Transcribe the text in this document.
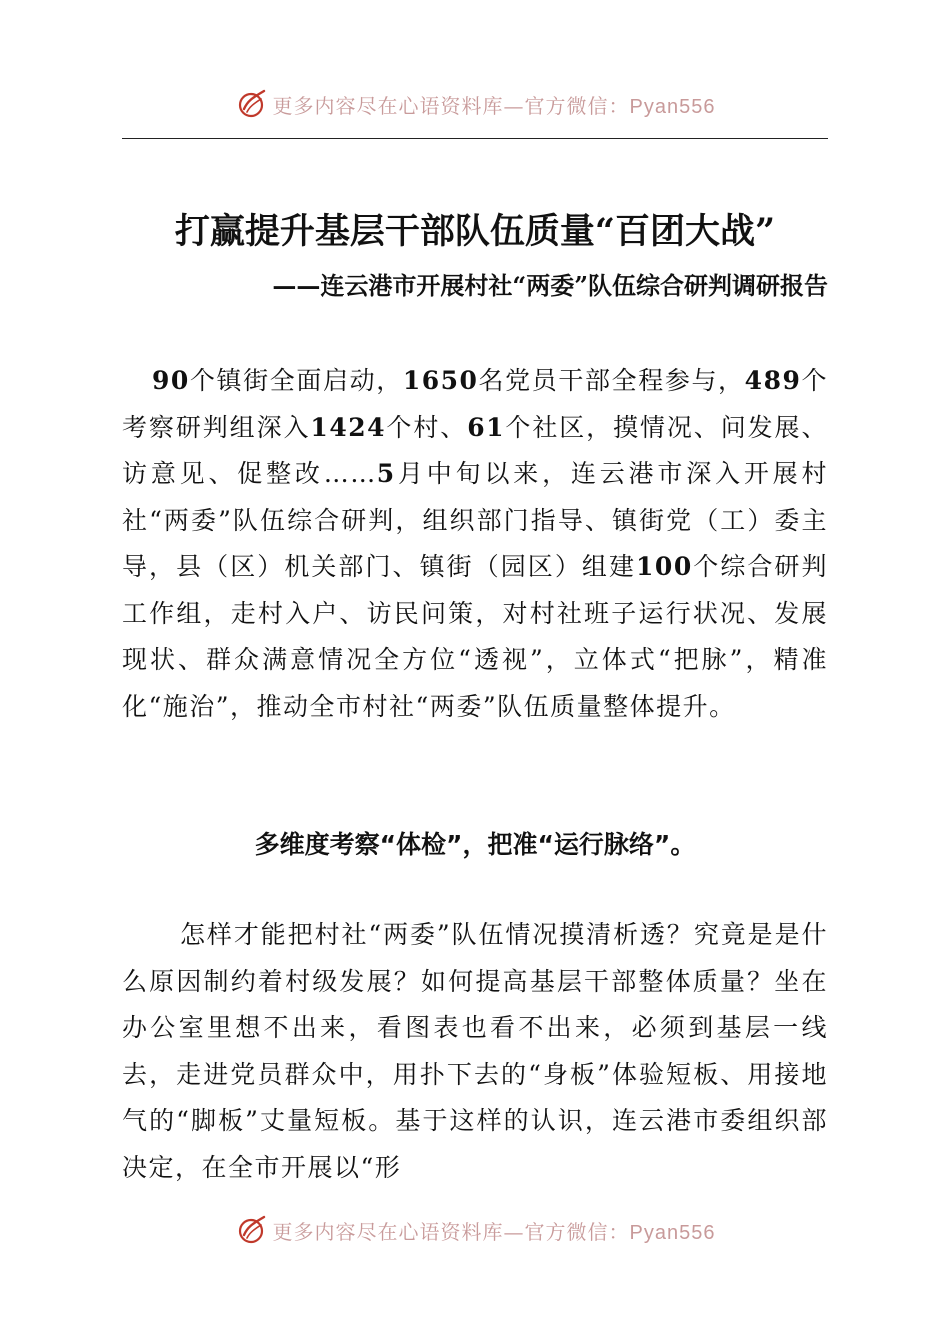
更多内容尽在心语资料库—官方微信：Pyan556
打赢提升基层干部队伍质量“百团大战”
——连云港市开展村社“两委”队伍综合研判调研报告

90个镇街全面启动，1650名党员干部全程参与，489个考察研判组深入1424个村、61个社区，摸情况、问发展、访意见、促整改……5月中旬以来，连云港市深入开展村社“两委”队伍综合研判，组织部门指导、镇街党（工）委主导，县（区）机关部门、镇街（园区）组建100个综合研判工作组，走村入户、访民问策，对村社班子运行状况、发展现状、群众满意情况全方位“透视”，立体式“把脉”，精准化“施治”，推动全市村社“两委”队伍质量整体提升。

多维度考察“体检”，把准“运行脉络”。

怎样才能把村社“两委”队伍情况摸清析透？究竟是是什么原因制约着村级发展？如何提高基层干部整体质量？坐在办公室里想不出来，看图表也看不出来，必须到基层一线去，走进党员群众中，用扑下去的“身板”体验短板、用接地气的“脚板”丈量短板。基于这样的认识，连云港市委组织部决定，在全市开展以“形

更多内容尽在心语资料库—官方微信：Pyan556
